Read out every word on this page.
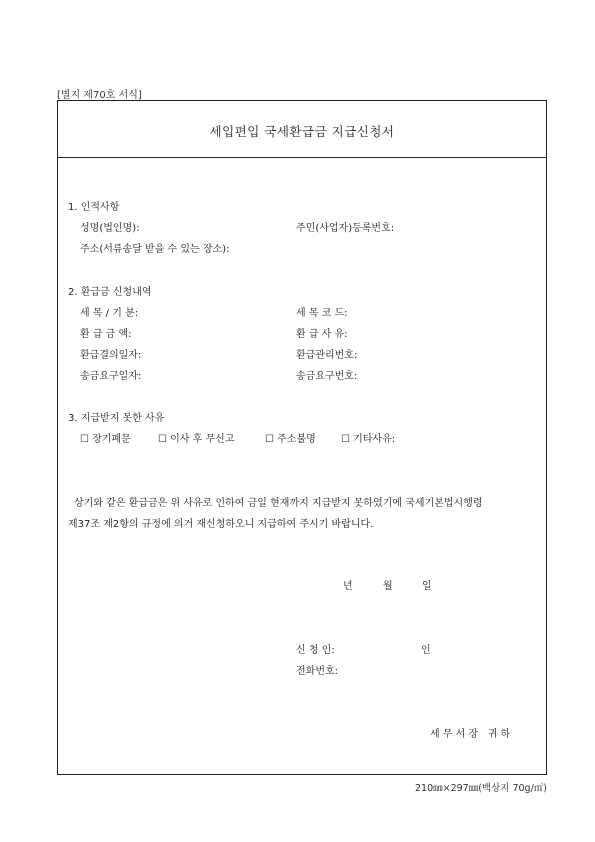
[별지 제70호 서식]
세입편입 국세환급금 지급신청서
1. 인적사항
성명(법인명):	주민(사업자)등록번호:
주소(서류송달 받을 수 있는 장소):
2. 환급금 신청내역
세 목 / 기 분:	세 목 코 드:
환 급 금 액:	환 급 사 유:
환급결의일자:	환급관리번호:
송금요구일자:	송금요구번호:
3. 지급받지 못한 사유
☐ 장기폐문	☐ 이사 후 무신고	☐ 주소불명	☐ 기타사유:
상기와 같은 환급금은 위 사유로 인하여 금일 현재까지 지급받지 못하였기에 국세기본법시행령
제37조 제2항의 규정에 의거 재신청하오니 지급하여 주시기 바랍니다.
년	월	일
신 청 인:	인
전화번호:
세 무 서 장   귀 하
210㎜×297㎜(백상지 70g/㎡)
